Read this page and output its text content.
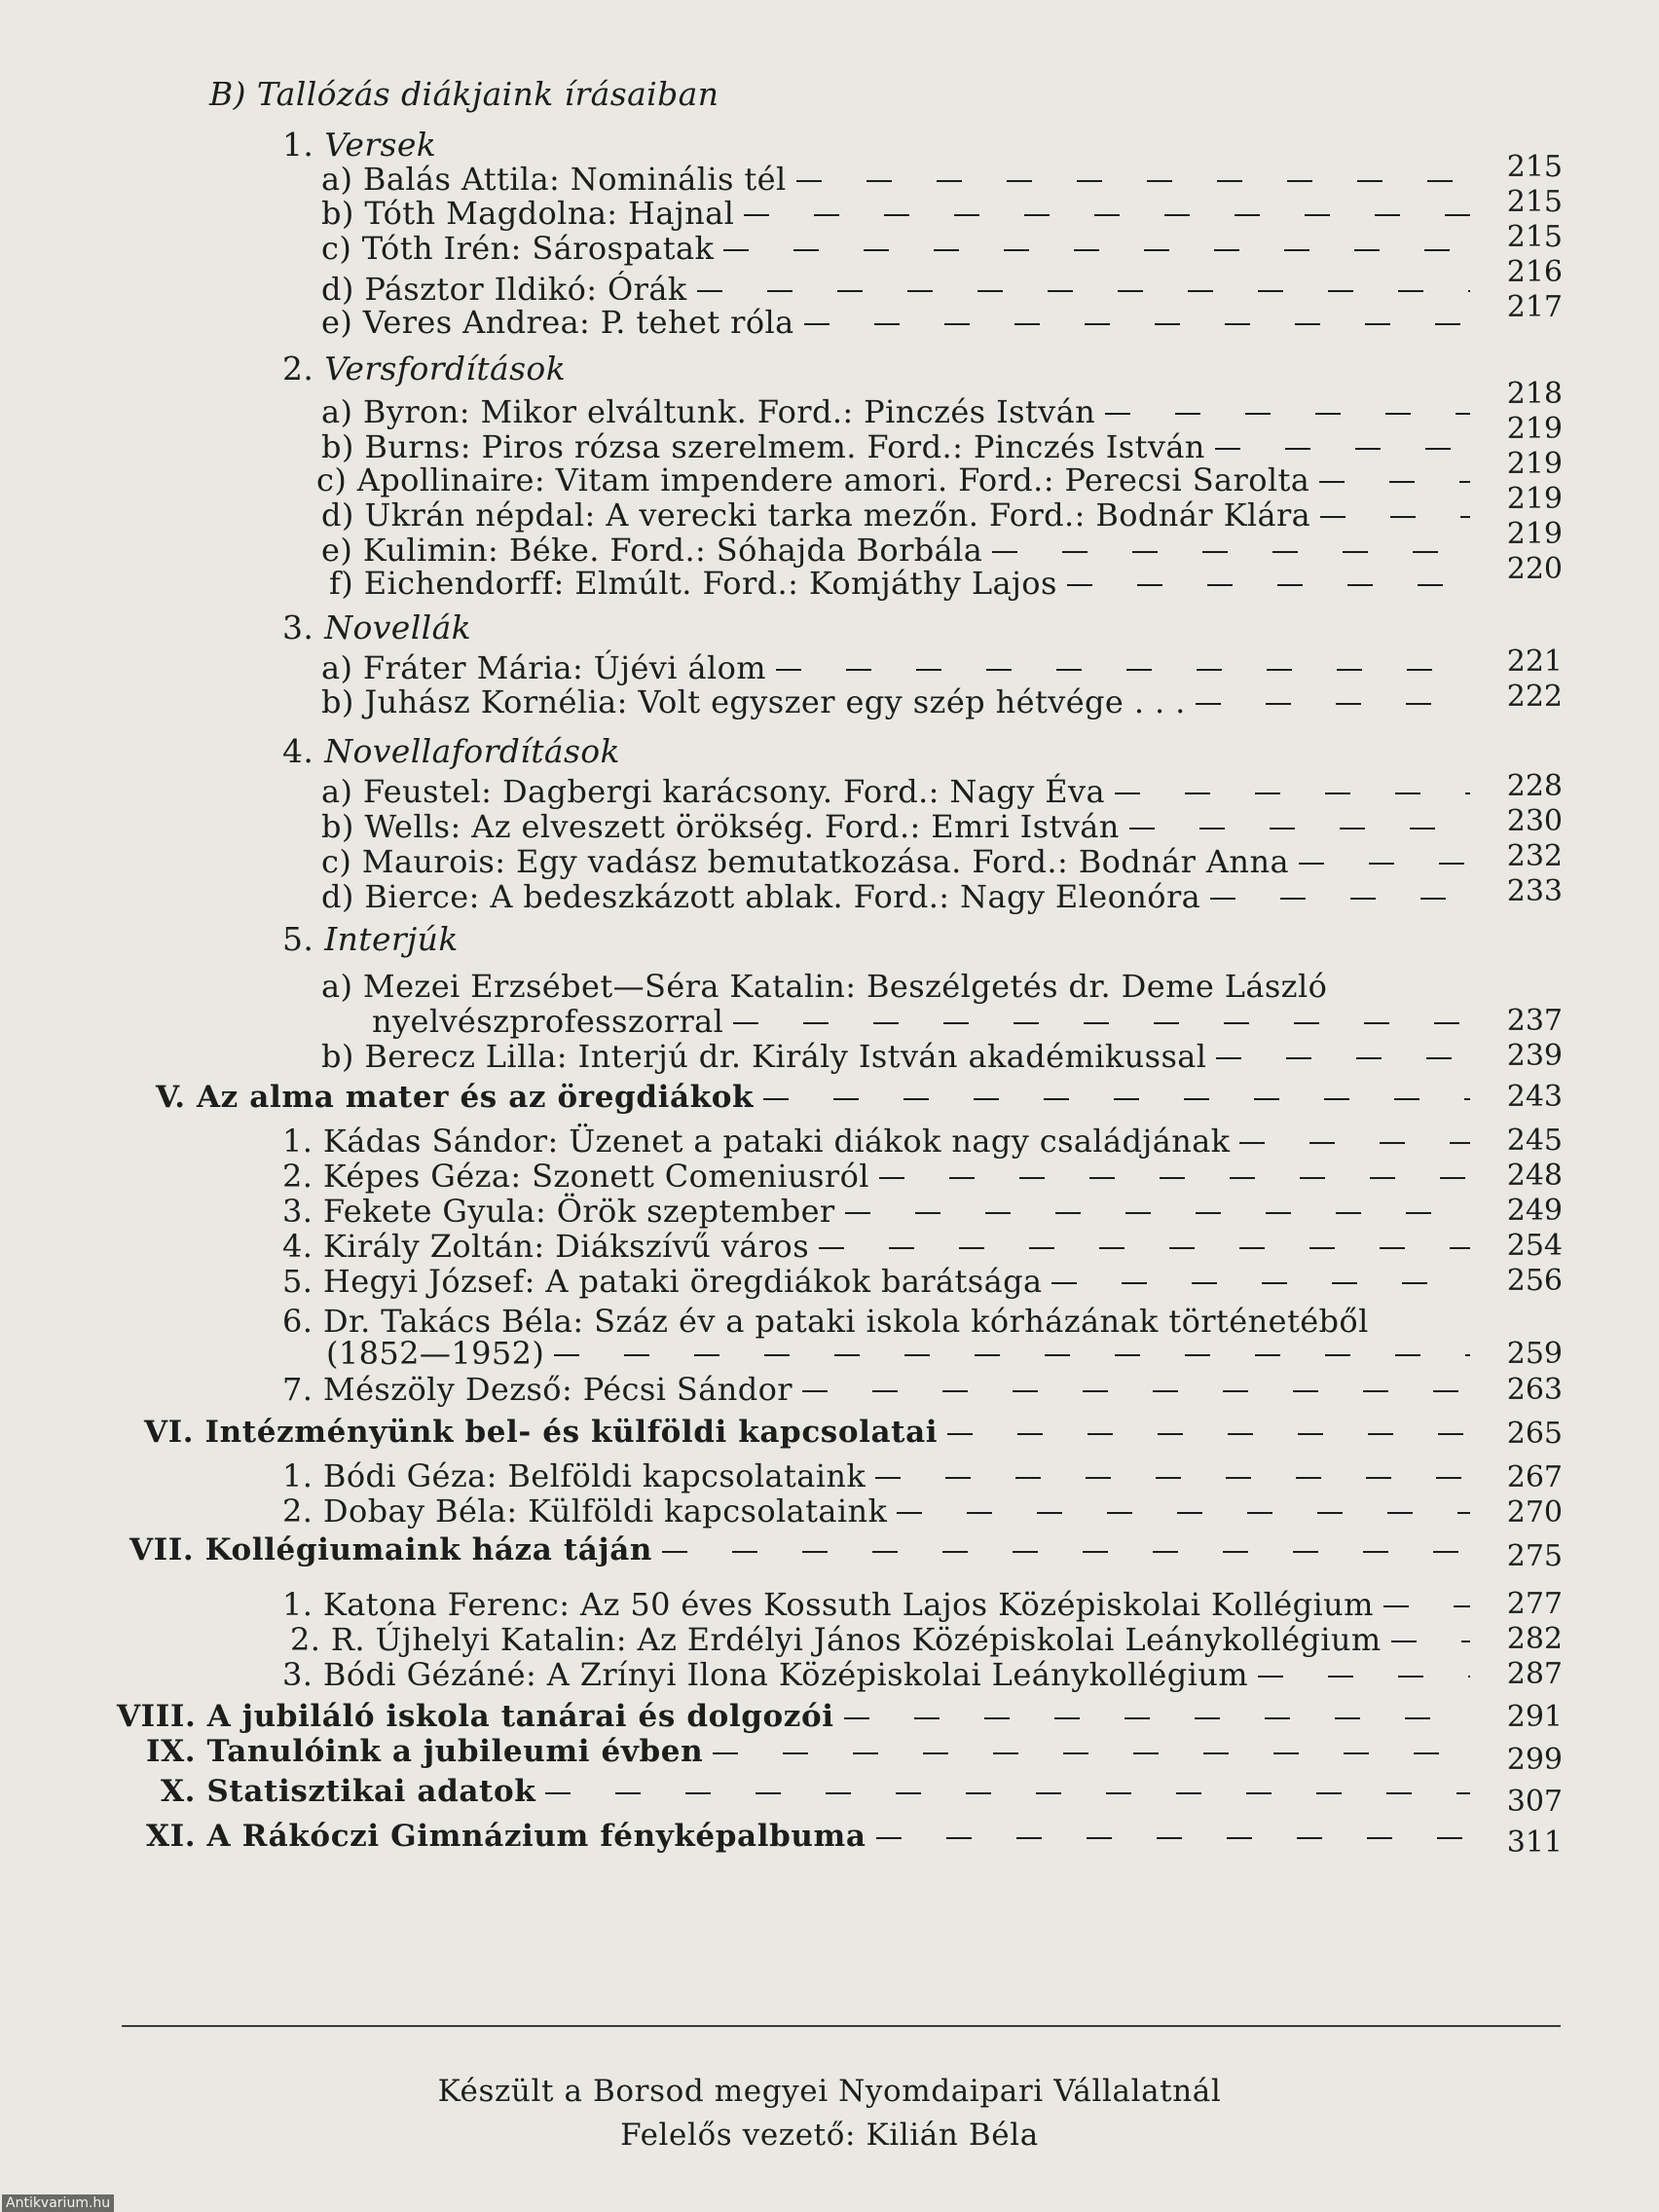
B) Tallózás diákjaink írásaiban
1. Versek
a) Balás Attila: Nominális tél	215
b) Tóth Magdolna: Hajnal	215
c) Tóth Irén: Sárospatak	215
d) Pásztor Ildikó: Órák	216
e) Veres Andrea: P. tehet róla	217
2. Versfordítások
a) Byron: Mikor elváltunk. Ford.: Pinczés István	218
b) Burns: Piros rózsa szerelmem. Ford.: Pinczés István	219
c) Apollinaire: Vitam impendere amori. Ford.: Perecsi Sarolta	219
d) Ukrán népdal: A verecki tarka mezőn. Ford.: Bodnár Klára	219
e) Kulimin: Béke. Ford.: Sóhajda Borbála	219
f) Eichendorff: Elmúlt. Ford.: Komjáthy Lajos	220
3. Novellák
a) Fráter Mária: Újévi álom	221
b) Juhász Kornélia: Volt egyszer egy szép hétvége . . .	222
4. Novellafordítások
a) Feustel: Dagbergi karácsony. Ford.: Nagy Éva	228
b) Wells: Az elveszett örökség. Ford.: Emri István	230
c) Maurois: Egy vadász bemutatkozása. Ford.: Bodnár Anna	232
d) Bierce: A bedeszkázott ablak. Ford.: Nagy Eleonóra	233
5. Interjúk
a) Mezei Erzsébet—Séra Katalin: Beszélgetés dr. Deme László
nyelvészprofesszorral	237
b) Berecz Lilla: Interjú dr. Király István akadémikussal	239
V. Az alma mater és az öregdiákok	243
1. Kádas Sándor: Üzenet a pataki diákok nagy családjának	245
2. Képes Géza: Szonett Comeniusról	248
3. Fekete Gyula: Örök szeptember	249
4. Király Zoltán: Diákszívű város	254
5. Hegyi József: A pataki öregdiákok barátsága	256
6. Dr. Takács Béla: Száz év a pataki iskola kórházának történetéből
(1852—1952)	259
7. Mészöly Dezső: Pécsi Sándor	263
VI. Intézményünk bel- és külföldi kapcsolatai	265
1. Bódi Géza: Belföldi kapcsolataink	267
2. Dobay Béla: Külföldi kapcsolataink	270
VII. Kollégiumaink háza táján	275
1. Katona Ferenc: Az 50 éves Kossuth Lajos Középiskolai Kollégium	277
2. R. Újhelyi Katalin: Az Erdélyi János Középiskolai Leánykollégium	282
3. Bódi Gézáné: A Zrínyi Ilona Középiskolai Leánykollégium	287
VIII. A jubiláló iskola tanárai és dolgozói	291
IX. Tanulóink a jubileumi évben	299
X. Statisztikai adatok	307
XI. A Rákóczi Gimnázium fényképalbuma	311
Készült a Borsod megyei Nyomdaipari Vállalatnál
Felelős vezető: Kilián Béla
Antikvarium.hu
